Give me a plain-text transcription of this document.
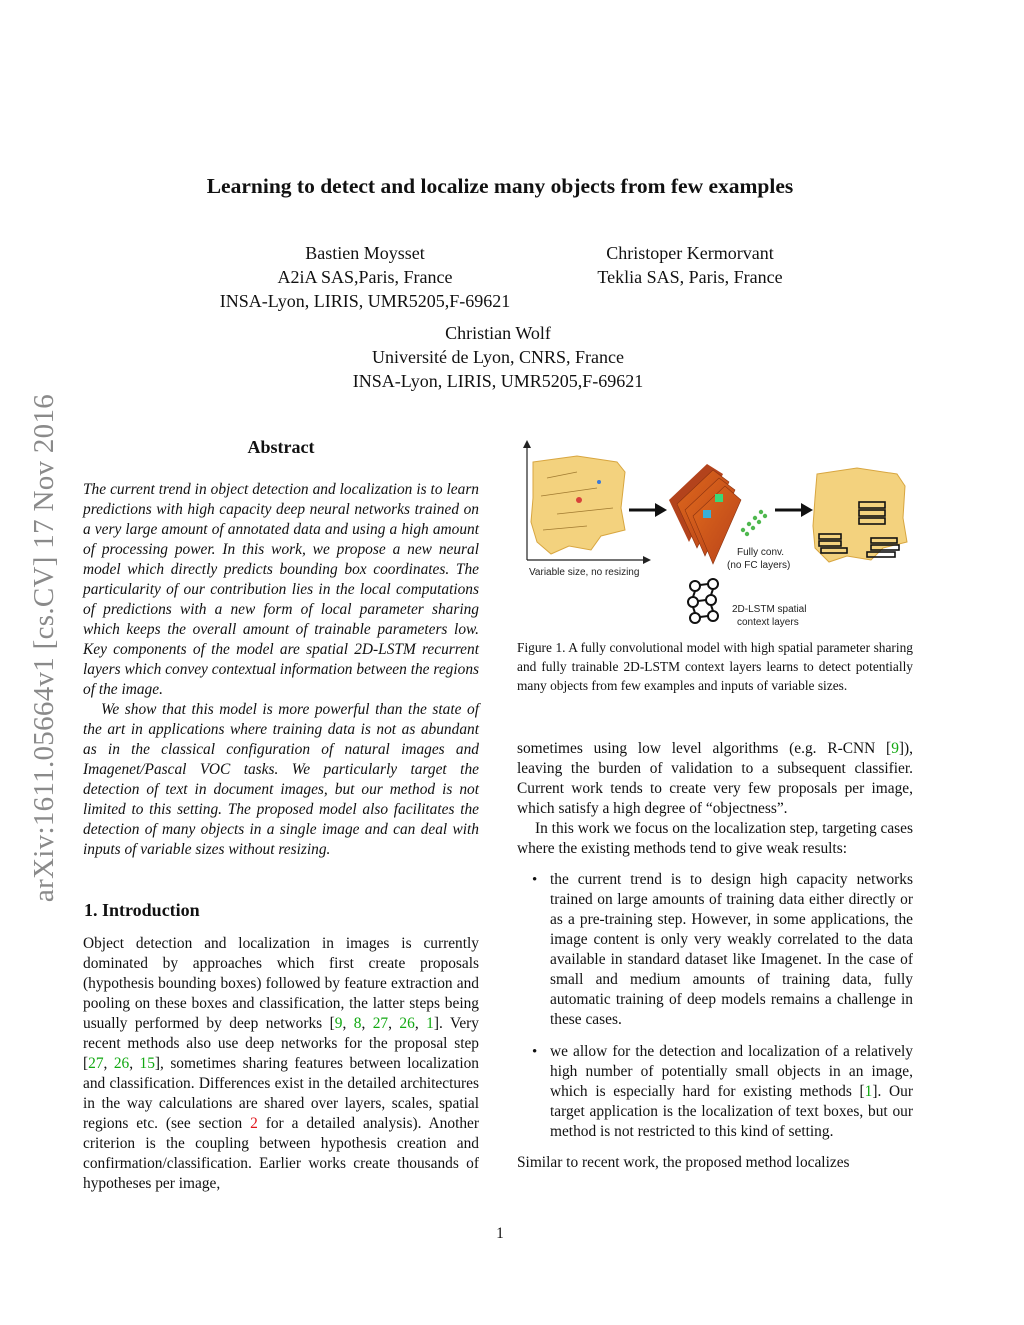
arXiv:1611.05664v1 [cs.CV] 17 Nov 2016
Learning to detect and localize many objects from few examples
Bastien Moysset
A2iA SAS,Paris, France
INSA-Lyon, LIRIS, UMR5205,F-69621
Christoper Kermorvant
Teklia SAS, Paris, France
Christian Wolf
Université de Lyon, CNRS, France
INSA-Lyon, LIRIS, UMR5205,F-69621
Abstract

The current trend in object detection and localization is to learn predictions with high capacity deep neural networks trained on a very large amount of annotated data and using a high amount of processing power. In this work, we propose a new neural model which directly predicts bounding box coordinates. The particularity of our contribution lies in the local computations of predictions with a new form of local parameter sharing which keeps the overall amount of trainable parameters low. Key components of the model are spatial 2D-LSTM recurrent layers which convey contextual information between the regions of the image.

We show that this model is more powerful than the state of the art in applications where training data is not as abundant as in the classical configuration of natural images and Imagenet/Pascal VOC tasks. We particularly target the detection of text in document images, but our method is not limited to this setting. The proposed model also facilitates the detection of many objects in a single image and can deal with inputs of variable sizes without resizing.

1. Introduction

Object detection and localization in images is currently dominated by approaches which first create proposals (hypothesis bounding boxes) followed by feature extraction and pooling on these boxes and classification, the latter steps being usually performed by deep networks [9, 8, 27, 26, 1]. Very recent methods also use deep networks for the proposal step [27, 26, 15], sometimes sharing features between localization and classification. Differences exist in the detailed architectures in the way calculations are shared over layers, scales, spatial regions etc. (see section 2 for a detailed analysis). Another criterion is the coupling between hypothesis creation and confirmation/classification. Earlier works create thousands of hypotheses per image,

Variable size, no resizing
Fully conv.
(no FC layers)
2D-LSTM spatial
context layers
Figure 1. A fully convolutional model with high spatial parameter sharing and fully trainable 2D-LSTM context layers learns to detect potentially many objects from few examples and inputs of variable sizes.

sometimes using low level algorithms (e.g. R-CNN [9]), leaving the burden of validation to a subsequent classifier. Current work tends to create very few proposals per image, which satisfy a high degree of “objectness”.

In this work we focus on the localization step, targeting cases where the existing methods tend to give weak results:

• the current trend is to design high capacity networks trained on large amounts of training data either directly or as a pre-training step. However, in some applications, the image content is only very weakly correlated to the data available in standard dataset like Imagenet. In the case of small and medium amounts of training data, fully automatic training of deep models remains a challenge in these cases.
• we allow for the detection and localization of a relatively high number of potentially small objects in an image, which is especially hard for existing methods [1]. Our target application is the localization of text boxes, but our method is not restricted to this kind of setting.

Similar to recent work, the proposed method localizes

1
